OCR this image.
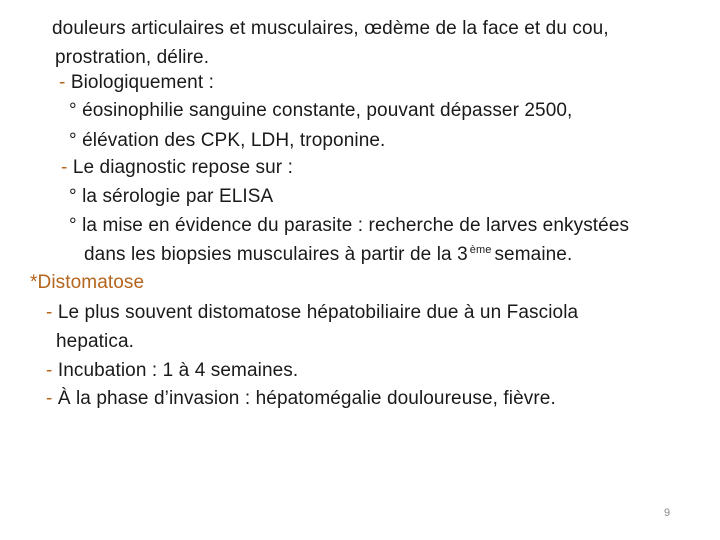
douleurs articulaires et musculaires, œdème de la face et du cou,
prostration, délire.
- Biologiquement :
° éosinophilie sanguine constante, pouvant dépasser 2500,
° élévation des CPK, LDH, troponine.
- Le diagnostic repose sur :
° la sérologie par ELISA
° la mise en évidence du parasite : recherche de larves enkystées
dans les biopsies musculaires à partir de la 3 $^{ème}$ semaine.
*Distomatose
- Le plus souvent distomatose hépatobiliaire due à un Fasciola
hepatica.
- Incubation : 1 à 4 semaines.
- À la phase d’invasion : hépatomégalie douloureuse, fièvre.
9
